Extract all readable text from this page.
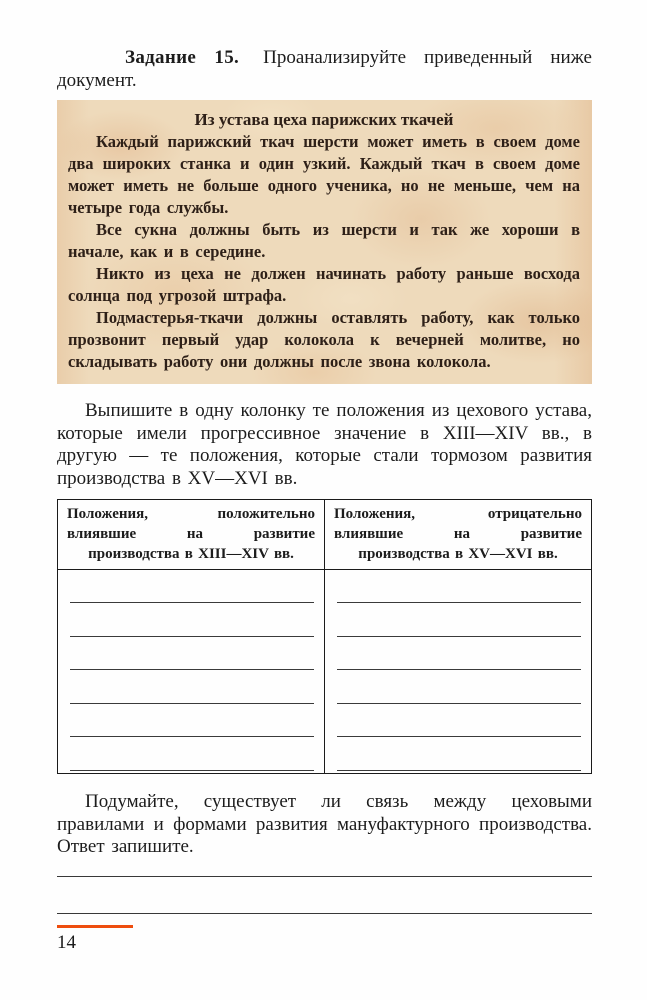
Задание 15. Проанализируйте приведенный ниже документ.

Из устава цеха парижских ткачей

Каждый парижский ткач шерсти может иметь в своем доме два широких станка и один узкий. Каждый ткач в своем доме может иметь не больше одного ученика, но не меньше, чем на четыре года службы.

Все сукна должны быть из шерсти и так же хороши в начале, как и в середине.

Никто из цеха не должен начинать работу раньше восхода солнца под угрозой штрафа.

Подмастерья-ткачи должны оставлять работу, как только прозвонит первый удар колокола к вечерней молитве, но складывать работу они должны после звона колокола.

Выпишите в одну колонку те положения из цехового устава, которые имели прогрессивное значение в XIII—XIV вв., в другую — те положения, которые стали тормозом развития производства в XV—XVI вв.

Положения, положительно влиявшие на развитие производства в XIII—XIV вв.	Положения, отрицательно влиявшие на развитие производства в XV—XVI вв.

Подумайте, существует ли связь между цеховыми правилами и формами развития мануфактурного производства. Ответ запишите.

14
